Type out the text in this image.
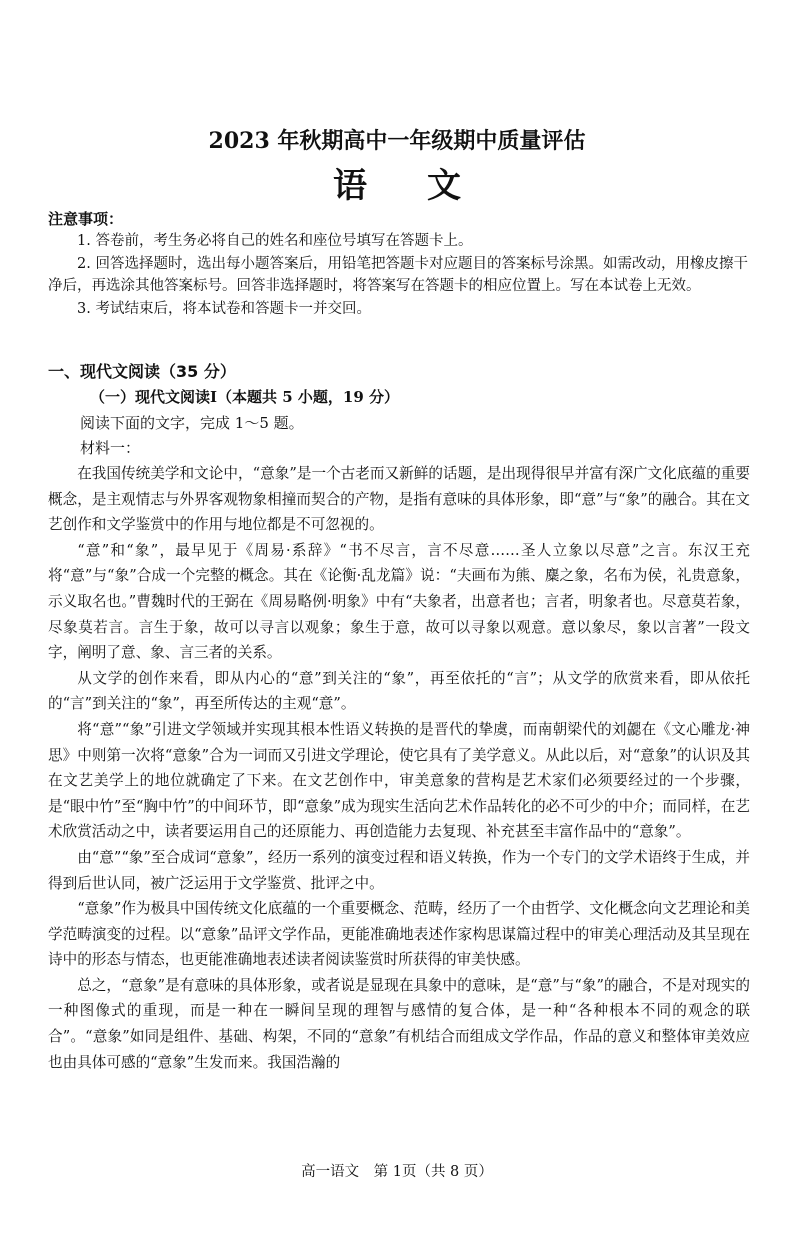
2023 年秋期高中一年级期中质量评估
语文
注意事项：

1. 答卷前，考生务必将自己的姓名和座位号填写在答题卡上。

2. 回答选择题时，选出每小题答案后，用铅笔把答题卡对应题目的答案标号涂黑。如需改动，用橡皮擦干净后，再选涂其他答案标号。回答非选择题时，将答案写在答题卡的相应位置上。写在本试卷上无效。

3. 考试结束后，将本试卷和答题卡一并交回。

一、现代文阅读（35 分）
（一）现代文阅读Ⅰ（本题共 5 小题，19 分）
阅读下面的文字，完成 1～5 题。
材料一：

在我国传统美学和文论中，“意象”是一个古老而又新鲜的话题，是出现得很早并富有深广文化底蕴的重要概念，是主观情志与外界客观物象相撞而契合的产物，是指有意味的具体形象，即“意”与“象”的融合。其在文艺创作和文学鉴赏中的作用与地位都是不可忽视的。

“意”和“象”，最早见于《周易·系辞》“书不尽言，言不尽意……圣人立象以尽意”之言。东汉王充将“意”与“象”合成一个完整的概念。其在《论衡·乱龙篇》说：“夫画布为熊、麋之象，名布为侯，礼贵意象，示义取名也。”曹魏时代的王弼在《周易略例·明象》中有“夫象者，出意者也；言者，明象者也。尽意莫若象，尽象莫若言。言生于象，故可以寻言以观象；象生于意，故可以寻象以观意。意以象尽，象以言著”一段文字，阐明了意、象、言三者的关系。

从文学的创作来看，即从内心的“意”到关注的“象”，再至依托的“言”；从文学的欣赏来看，即从依托的“言”到关注的“象”，再至所传达的主观“意”。

将“意”“象”引进文学领域并实现其根本性语义转换的是晋代的挚虞，而南朝梁代的刘勰在《文心雕龙·神思》中则第一次将“意象”合为一词而又引进文学理论，使它具有了美学意义。从此以后，对“意象”的认识及其在文艺美学上的地位就确定了下来。在文艺创作中，审美意象的营构是艺术家们必须要经过的一个步骤，是“眼中竹”至“胸中竹”的中间环节，即“意象”成为现实生活向艺术作品转化的必不可少的中介；而同样，在艺术欣赏活动之中，读者要运用自己的还原能力、再创造能力去复现、补充甚至丰富作品中的“意象”。

由“意”“象”至合成词“意象”，经历一系列的演变过程和语义转换，作为一个专门的文学术语终于生成，并得到后世认同，被广泛运用于文学鉴赏、批评之中。

“意象”作为极具中国传统文化底蕴的一个重要概念、范畴，经历了一个由哲学、文化概念向文艺理论和美学范畴演变的过程。以“意象”品评文学作品，更能准确地表述作家构思谋篇过程中的审美心理活动及其呈现在诗中的形态与情态，也更能准确地表述读者阅读鉴赏时所获得的审美快感。

总之，“意象”是有意味的具体形象，或者说是显现在具象中的意味，是“意”与“象”的融合，不是对现实的一种图像式的重现，而是一种在一瞬间呈现的理智与感情的复合体，是一种“各种根本不同的观念的联合”。“意象”如同是组件、基础、构架，不同的“意象”有机结合而组成文学作品，作品的意义和整体审美效应也由具体可感的“意象”生发而来。我国浩瀚的

高一语文　第 1页（共 8 页）
